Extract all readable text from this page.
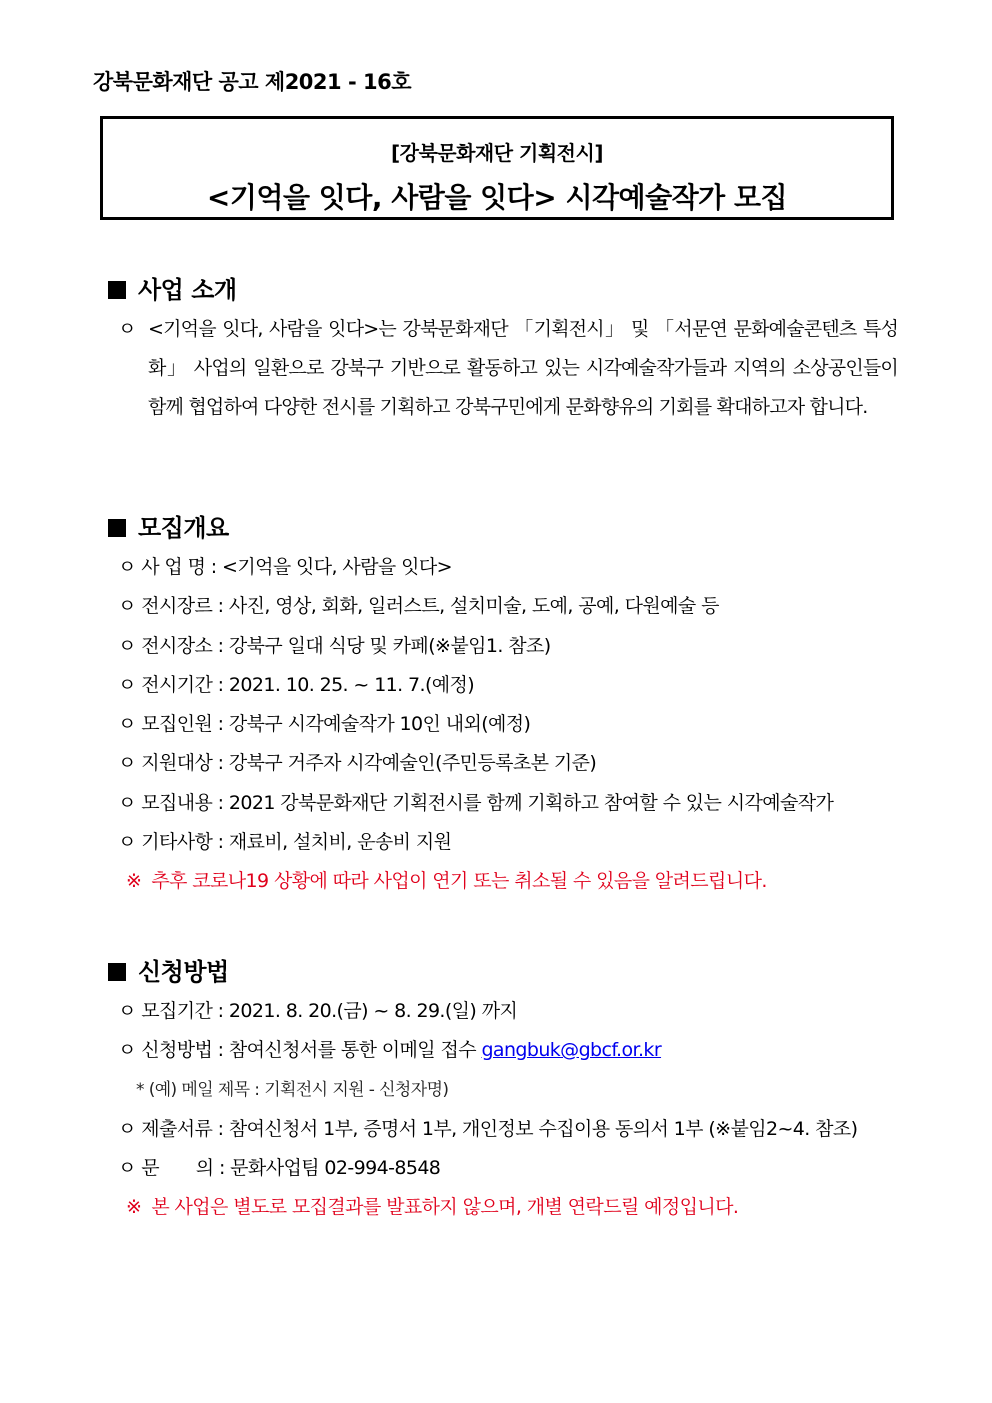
강북문화재단 공고 제2021 - 16호
[강북문화재단 기획전시]
<기억을 잇다, 사람을 잇다> 시각예술작가 모집
사업 소개
ㅇ <기억을 잇다, 사람을 잇다>는 강북문화재단 「기획전시」 및 「서문연 문화예술콘텐츠 특성화」 사업의 일환으로 강북구 기반으로 활동하고 있는 시각예술작가들과 지역의 소상공인들이 함께 협업하여 다양한 전시를 기획하고 강북구민에게 문화향유의 기회를 확대하고자 합니다.
모집개요
ㅇ 사 업 명 : <기억을 잇다, 사람을 잇다>
ㅇ 전시장르 : 사진, 영상, 회화, 일러스트, 설치미술, 도예, 공예, 다원예술 등
ㅇ 전시장소 : 강북구 일대 식당 및 카페(※붙임1. 참조)
ㅇ 전시기간 : 2021. 10. 25. ~ 11. 7.(예정)
ㅇ 모집인원 : 강북구 시각예술작가 10인 내외(예정)
ㅇ 지원대상 : 강북구 거주자 시각예술인(주민등록초본 기준)
ㅇ 모집내용 : 2021 강북문화재단 기획전시를 함께 기획하고 참여할 수 있는 시각예술작가
ㅇ 기타사항 : 재료비, 설치비, 운송비 지원
※ 추후 코로나19 상황에 따라 사업이 연기 또는 취소될 수 있음을 알려드립니다.
신청방법
ㅇ 모집기간 : 2021. 8. 20.(금) ~ 8. 29.(일) 까지
ㅇ 신청방법 : 참여신청서를 통한 이메일 접수 gangbuk@gbcf.or.kr
* (예) 메일 제목 : 기획전시 지원 - 신청자명)
ㅇ 제출서류 : 참여신청서 1부, 증명서 1부, 개인정보 수집이용 동의서 1부 (※붙임2~4. 참조)
ㅇ 문　　의 : 문화사업팀 02-994-8548
※ 본 사업은 별도로 모집결과를 발표하지 않으며, 개별 연락드릴 예정입니다.
